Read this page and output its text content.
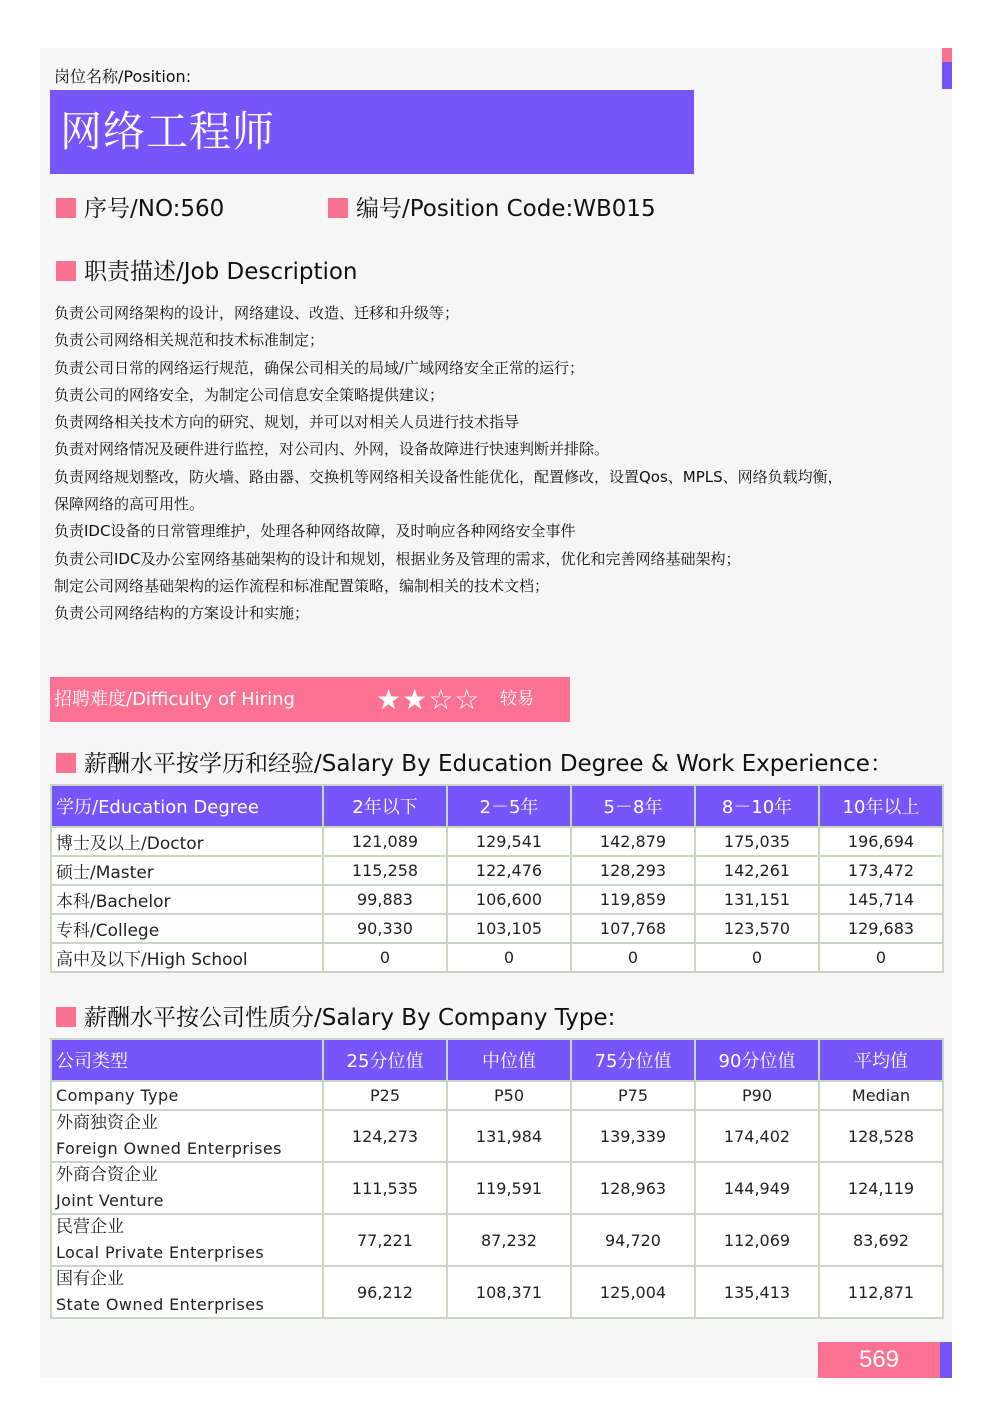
岗位名称/Position:
网络工程师
序号/NO:560	编号/Position Code:WB015
职责描述/Job Description

负责公司网络架构的设计，网络建设、改造、迁移和升级等；

负责公司网络相关规范和技术标准制定；

负责公司日常的网络运行规范，确保公司相关的局域/广域网络安全正常的运行；

负责公司的网络安全，为制定公司信息安全策略提供建议；

负责网络相关技术方向的研究、规划，并可以对相关人员进行技术指导

负责对网络情况及硬件进行监控，对公司内、外网，设备故障进行快速判断并排除。

负责网络规划整改，防火墙、路由器、交换机等网络相关设备性能优化，配置修改，设置Qos、MPLS、网络负载均衡，

保障网络的高可用性。

负责IDC设备的日常管理维护，处理各种网络故障，及时响应各种网络安全事件

负责公司IDC及办公室网络基础架构的设计和规划，根据业务及管理的需求，优化和完善网络基础架构；

制定公司网络基础架构的运作流程和标准配置策略，编制相关的技术文档；

负责公司网络结构的方案设计和实施；

招聘难度/Difficulty of Hiring	★★☆☆ 较易
薪酬水平按学历和经验/Salary By Education Degree & Work Experience：
学历/Education Degree	2年以下	2－5年	5－8年	8－10年	10年以上
博士及以上/Doctor	121,089	129,541	142,879	175,035	196,694
硕士/Master	115,258	122,476	128,293	142,261	173,472
本科/Bachelor	99,883	106,600	119,859	131,151	145,714
专科/College	90,330	103,105	107,768	123,570	129,683
高中及以下/High School	0	0	0	0	0
薪酬水平按公司性质分/Salary By Company Type:
公司类型	25分位值	中位值	75分位值	90分位值	平均值
Company Type	P25	P50	P75	P90	Median

外商独资企业
Foreign Owned Enterprises	124,273	131,984	139,339	174,402	128,528

外商合资企业
Joint Venture	111,535	119,591	128,963	144,949	124,119

民营企业
Local Private Enterprises	77,221	87,232	94,720	112,069	83,692

国有企业
State Owned Enterprises	96,212	108,371	125,004	135,413	112,871
569
